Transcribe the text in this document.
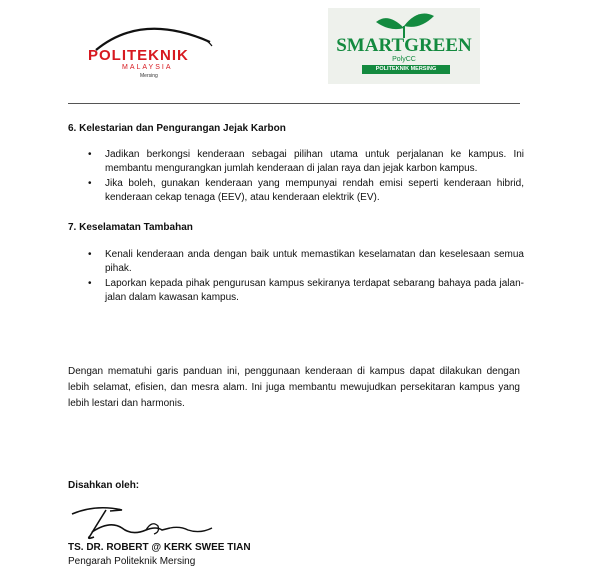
POLITEKNIK
MALAYSIA
Mersing
SMARTGREEN
PolyCC
POLITEKNIK MERSING
6. Kelestarian dan Pengurangan Jejak Karbon
• Jadikan berkongsi kenderaan sebagai pilihan utama untuk perjalanan ke kampus. Ini membantu mengurangkan jumlah kenderaan di jalan raya dan jejak karbon kampus.
• Jika boleh, gunakan kenderaan yang mempunyai rendah emisi seperti kenderaan hibrid, kenderaan cekap tenaga (EEV), atau kenderaan elektrik (EV).
7. Keselamatan Tambahan
• Kenali kenderaan anda dengan baik untuk memastikan keselamatan dan keselesaan semua pihak.
• Laporkan kepada pihak pengurusan kampus sekiranya terdapat sebarang bahaya pada jalan-jalan dalam kawasan kampus.

Dengan mematuhi garis panduan ini, penggunaan kenderaan di kampus dapat dilakukan dengan lebih selamat, efisien, dan mesra alam. Ini juga membantu mewujudkan persekitaran kampus yang lebih lestari dan harmonis.

Disahkan oleh:
TS. DR. ROBERT @ KERK SWEE TIAN
Pengarah Politeknik Mersing
